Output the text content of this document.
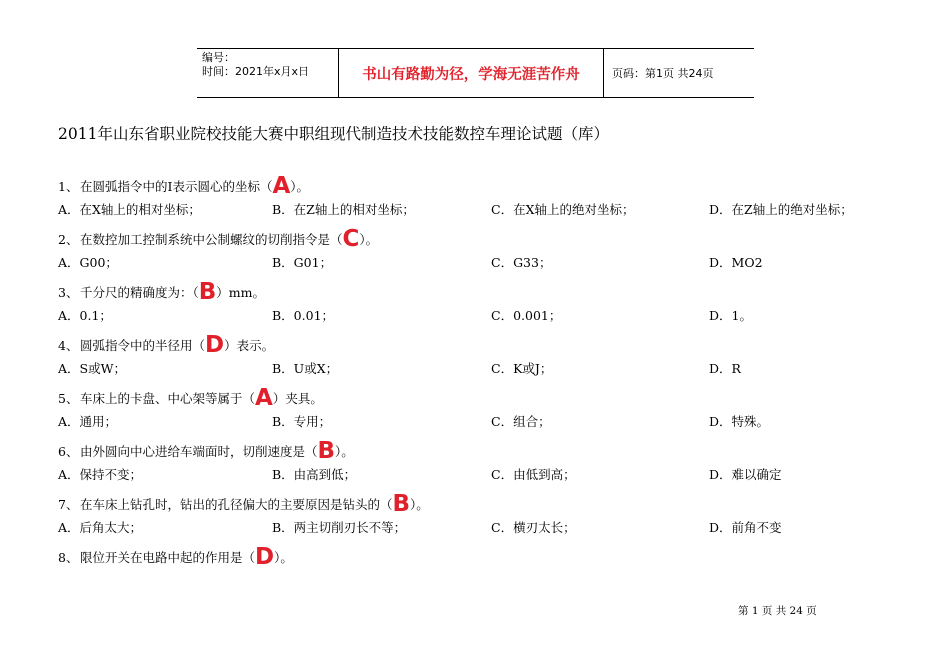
编号：
时间：2021年x月x日	书山有路勤为径，学海无涯苦作舟	页码：第1页 共24页
2011年山东省职业院校技能大赛中职组现代制造技术技能数控车理论试题（库）
1、 在圆弧指令中的I表示圆心的坐标（A）。
A．在X轴上的相对坐标；	B．在Z轴上的相对坐标；	C．在X轴上的绝对坐标；	D．在Z轴上的绝对坐标；
2、 在数控加工控制系统中公制螺纹的切削指令是（C）。
A．G00；	B．G01；	C．G33；	D．MO2
3、 千分尺的精确度为：（B）mm。
A．0.1；	B．0.01；	C．0.001；	D．1。
4、 圆弧指令中的半径用（D）表示。
A．S或W；	B．U或X；	C．K或J；	D．R
5、 车床上的卡盘、中心架等属于（A）夹具。
A．通用；	B．专用；	C．组合；	D．特殊。
6、 由外圆向中心进给车端面时，切削速度是（B）。
A．保持不变；	B．由高到低；	C．由低到高；	D．难以确定
7、 在车床上钻孔时，钻出的孔径偏大的主要原因是钻头的（B）。
A．后角太大；	B．两主切削刃长不等；	C．横刃太长；	D．前角不变
8、 限位开关在电路中起的作用是（D）。
第 1 页 共 24 页
